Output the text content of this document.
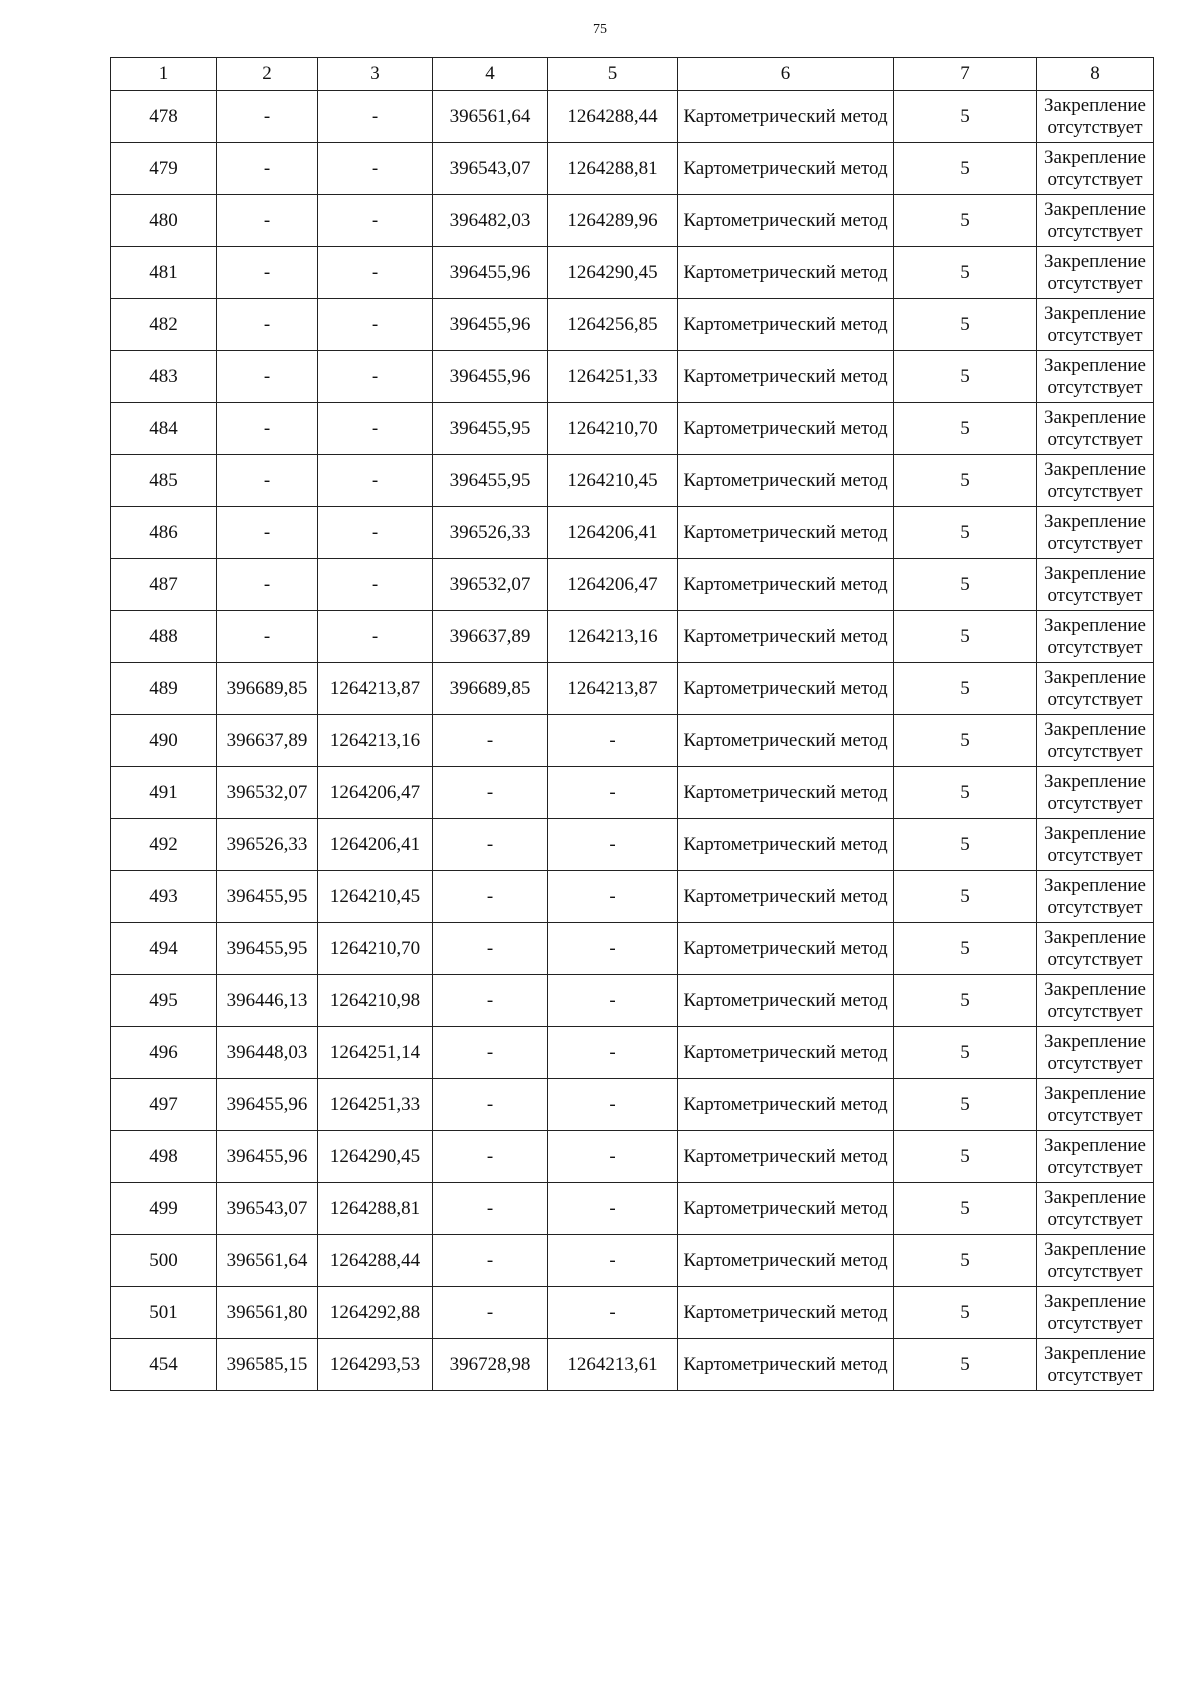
75
1	2	3	4	5	6	7	8
478	-	-	396561,64	1264288,44	Картометрический метод	5	Закрепление отсутствует
479	-	-	396543,07	1264288,81	Картометрический метод	5	Закрепление отсутствует
480	-	-	396482,03	1264289,96	Картометрический метод	5	Закрепление отсутствует
481	-	-	396455,96	1264290,45	Картометрический метод	5	Закрепление отсутствует
482	-	-	396455,96	1264256,85	Картометрический метод	5	Закрепление отсутствует
483	-	-	396455,96	1264251,33	Картометрический метод	5	Закрепление отсутствует
484	-	-	396455,95	1264210,70	Картометрический метод	5	Закрепление отсутствует
485	-	-	396455,95	1264210,45	Картометрический метод	5	Закрепление отсутствует
486	-	-	396526,33	1264206,41	Картометрический метод	5	Закрепление отсутствует
487	-	-	396532,07	1264206,47	Картометрический метод	5	Закрепление отсутствует
488	-	-	396637,89	1264213,16	Картометрический метод	5	Закрепление отсутствует
489	396689,85	1264213,87	396689,85	1264213,87	Картометрический метод	5	Закрепление отсутствует
490	396637,89	1264213,16	-	-	Картометрический метод	5	Закрепление отсутствует
491	396532,07	1264206,47	-	-	Картометрический метод	5	Закрепление отсутствует
492	396526,33	1264206,41	-	-	Картометрический метод	5	Закрепление отсутствует
493	396455,95	1264210,45	-	-	Картометрический метод	5	Закрепление отсутствует
494	396455,95	1264210,70	-	-	Картометрический метод	5	Закрепление отсутствует
495	396446,13	1264210,98	-	-	Картометрический метод	5	Закрепление отсутствует
496	396448,03	1264251,14	-	-	Картометрический метод	5	Закрепление отсутствует
497	396455,96	1264251,33	-	-	Картометрический метод	5	Закрепление отсутствует
498	396455,96	1264290,45	-	-	Картометрический метод	5	Закрепление отсутствует
499	396543,07	1264288,81	-	-	Картометрический метод	5	Закрепление отсутствует
500	396561,64	1264288,44	-	-	Картометрический метод	5	Закрепление отсутствует
501	396561,80	1264292,88	-	-	Картометрический метод	5	Закрепление отсутствует
454	396585,15	1264293,53	396728,98	1264213,61	Картометрический метод	5	Закрепление отсутствует
